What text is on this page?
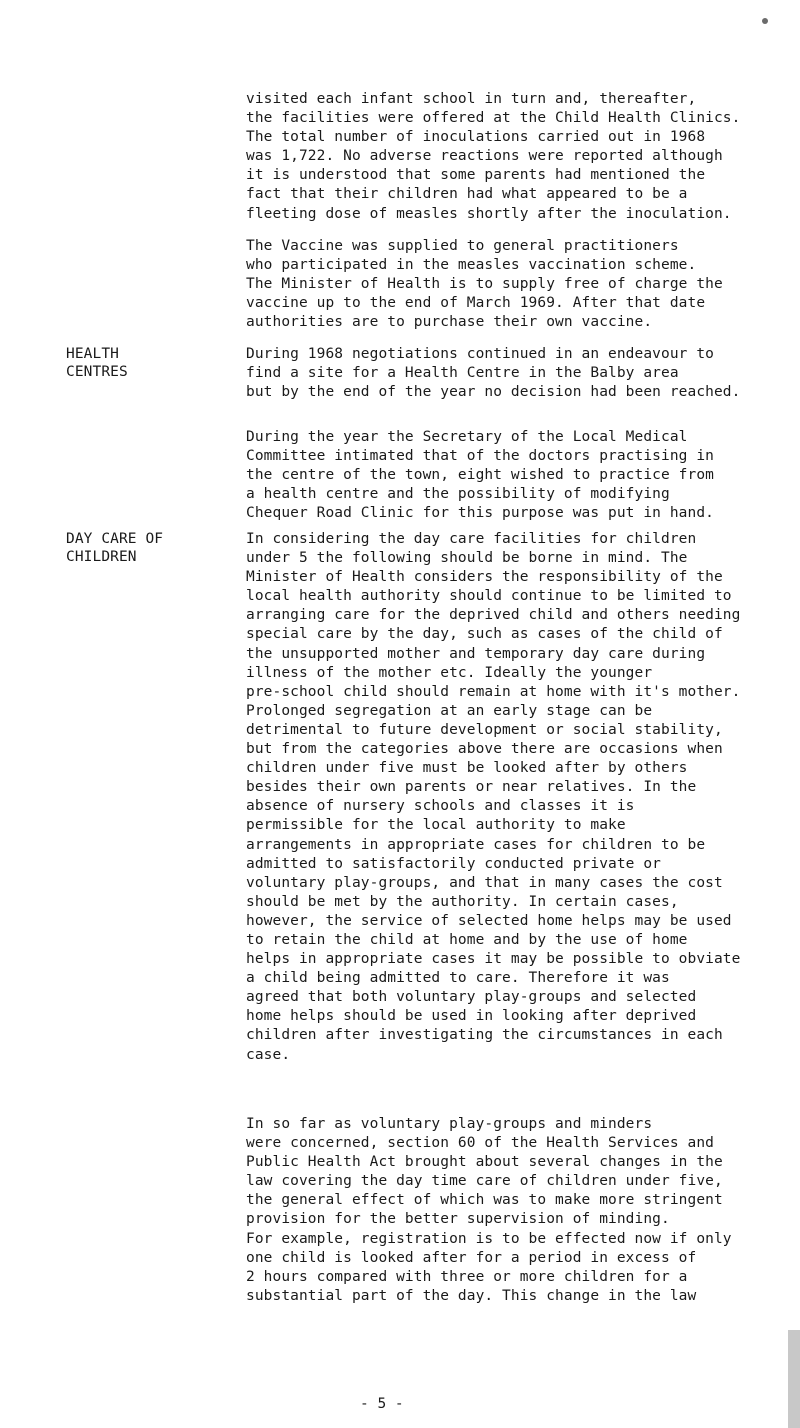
visited each infant school in turn and, thereafter,
the facilities were offered at the Child Health Clinics.
The total number of inoculations carried out in 1968
was 1,722. No adverse reactions were reported although
it is understood that some parents had mentioned the
fact that their children had what appeared to be a
fleeting dose of measles shortly after the inoculation.
The Vaccine was supplied to general practitioners
who participated in the measles vaccination scheme.
The Minister of Health is to supply free of charge the
vaccine up to the end of March 1969. After that date
authorities are to purchase their own vaccine.
HEALTH
CENTRES
During 1968 negotiations continued in an endeavour to
find a site for a Health Centre in the Balby area
but by the end of the year no decision had been reached.
During the year the Secretary of the Local Medical
Committee intimated that of the doctors practising in
the centre of the town, eight wished to practice from
a health centre and the possibility of modifying
Chequer Road Clinic for this purpose was put in hand.
DAY CARE OF
CHILDREN
In considering the day care facilities for children
under 5 the following should be borne in mind. The
Minister of Health considers the responsibility of the
local health authority should continue to be limited to
arranging care for the deprived child and others needing
special care by the day, such as cases of the child of
the unsupported mother and temporary day care during
illness of the mother etc. Ideally the younger
pre-school child should remain at home with it's mother.
Prolonged segregation at an early stage can be
detrimental to future development or social stability,
but from the categories above there are occasions when
children under five must be looked after by others
besides their own parents or near relatives. In the
absence of nursery schools and classes it is
permissible for the local authority to make
arrangements in appropriate cases for children to be
admitted to satisfactorily conducted private or
voluntary play-groups, and that in many cases the cost
should be met by the authority. In certain cases,
however, the service of selected home helps may be used
to retain the child at home and by the use of home
helps in appropriate cases it may be possible to obviate
a child being admitted to care. Therefore it was
agreed that both voluntary play-groups and selected
home helps should be used in looking after deprived
children after investigating the circumstances in each
case.
In so far as voluntary play-groups and minders
were concerned, section 60 of the Health Services and
Public Health Act brought about several changes in the
law covering the day time care of children under five,
the general effect of which was to make more stringent
provision for the better supervision of minding.
For example, registration is to be effected now if only
one child is looked after for a period in excess of
2 hours compared with three or more children for a
substantial part of the day. This change in the law
- 5 -
